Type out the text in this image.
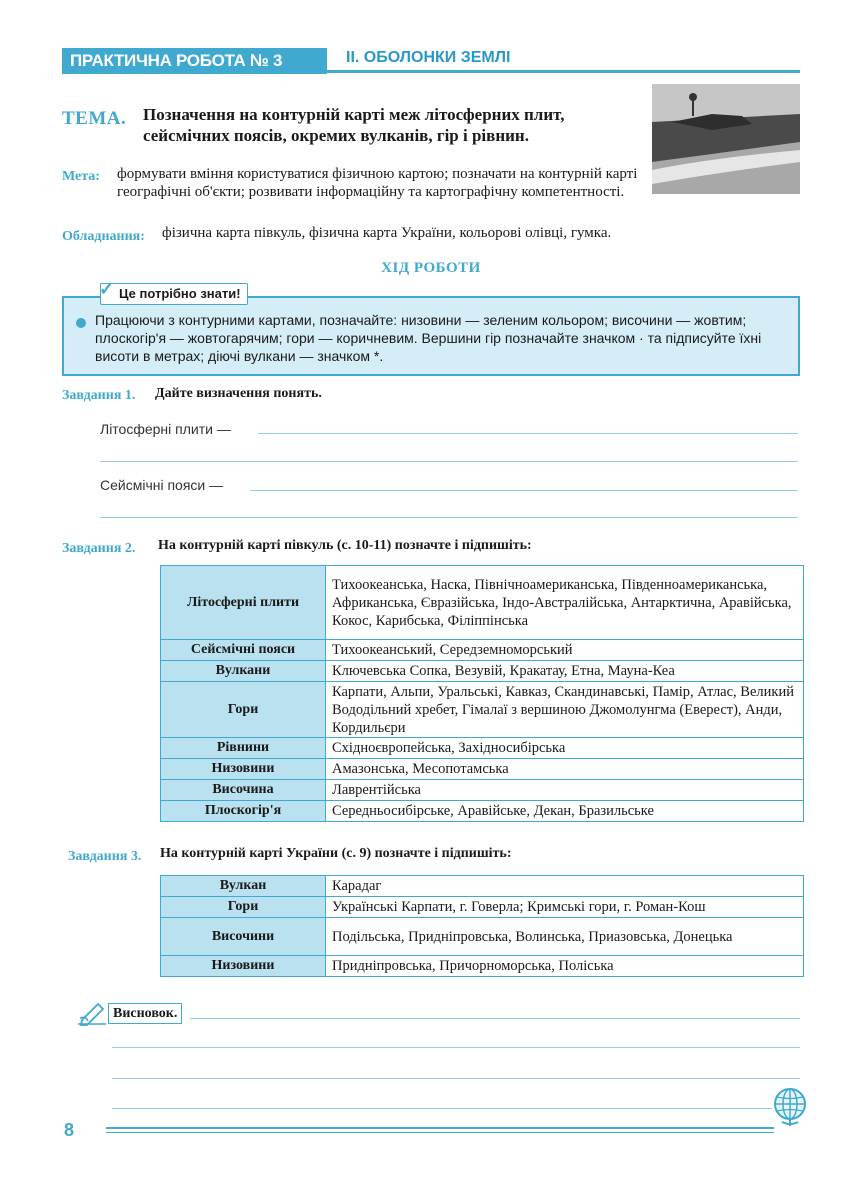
ПРАКТИЧНА РОБОТА № 3	ІІ. ОБОЛОНКИ ЗЕМЛІ
ТЕМА. Позначення на контурній карті меж літосферних плит, сейсмічних поясів, окремих вулканів, гір і рівнин.
Мета: формувати вміння користуватися фізичною картою; позначати на контурній карті географічні об'єкти; розвивати інформаційну та картографічну компетентності.
Обладнання: фізична карта півкуль, фізична карта України, кольорові олівці, гумка.
ХІД РОБОТИ
Це потрібно знати!
✓
Працюючи з контурними картами, позначайте: низовини — зеленим кольором; височини — жовтим; плоскогір'я — жовтогарячим; гори — коричневим. Вершини гір позначайте значком · та підписуйте їхні висоти в метрах; діючі вулкани — значком *.
Завдання 1. Дайте визначення понять.
Літосферні плити —
Сейсмічні пояси —
Завдання 2. На контурній карті півкуль (с. 10-11) позначте і підпишіть:
Літосферні плити	Тихоокеанська, Наска, Північноамериканська, Південноамериканська, Африканська, Євразійська, Індо-Австралійська, Антарктична, Аравійська, Кокос, Карибська, Філіппінська
Сейсмічні пояси	Тихоокеанський, Середземноморський
Вулкани	Ключевська Сопка, Везувій, Кракатау, Етна, Мауна-Кеа
Гори	Карпати, Альпи, Уральські, Кавказ, Скандинавські, Памір, Атлас, Великий Вододільний хребет, Гімалаї з вершиною Джомолунгма (Еверест), Анди, Кордильєри
Рівнини	Східноєвропейська, Західносибірська
Низовини	Амазонська, Месопотамська
Височина	Лаврентійська
Плоскогір'я	Середньосибірське, Аравійське, Декан, Бразильське
Завдання 3. На контурній карті України (с. 9) позначте і підпишіть:
Вулкан	Карадаг
Гори	Українські Карпати, г. Говерла; Кримські гори, г. Роман-Кош
Височини	Подільська, Придніпровська, Волинська, Приазовська, Донецька
Низовини	Придніпровська, Причорноморська, Поліська
Висновок.
8
